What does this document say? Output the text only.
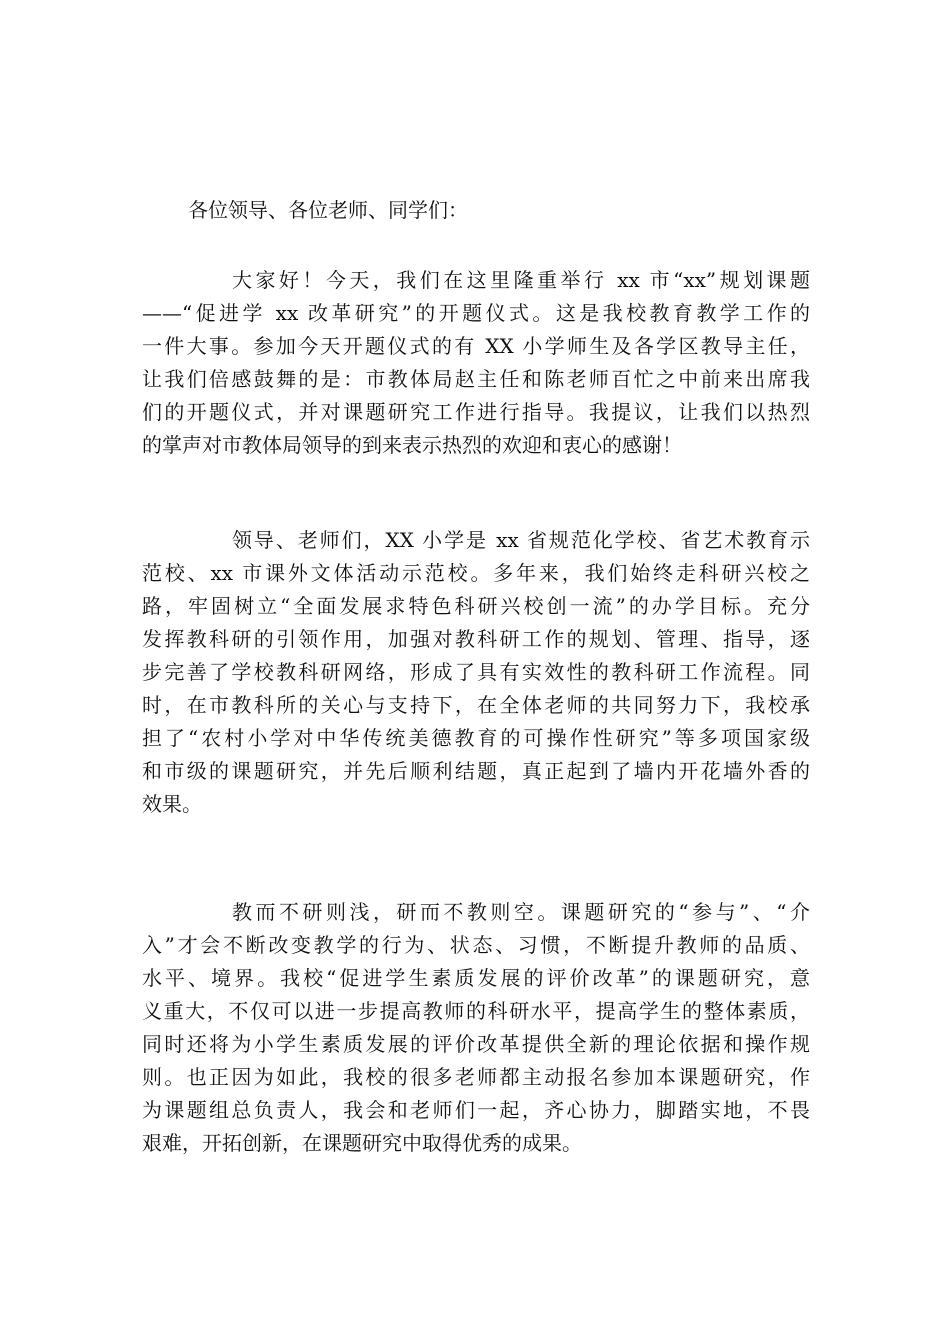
各位领导、各位老师、同学们：

大家好！今天，我们在这里隆重举行 xx 市“xx”规划课题
——“促进学 xx 改革研究”的开题仪式。这是我校教育教学工作的
一件大事。参加今天开题仪式的有 XX 小学师生及各学区教导主任，
让我们倍感鼓舞的是：市教体局赵主任和陈老师百忙之中前来出席我
们的开题仪式，并对课题研究工作进行指导。我提议，让我们以热烈
的掌声对市教体局领导的到来表示热烈的欢迎和衷心的感谢！
领导、老师们，XX 小学是 xx 省规范化学校、省艺术教育示
范校、xx 市课外文体活动示范校。多年来，我们始终走科研兴校之
路，牢固树立“全面发展求特色科研兴校创一流”的办学目标。充分
发挥教科研的引领作用，加强对教科研工作的规划、管理、指导，逐
步完善了学校教科研网络，形成了具有实效性的教科研工作流程。同
时，在市教科所的关心与支持下，在全体老师的共同努力下，我校承
担了“农村小学对中华传统美德教育的可操作性研究”等多项国家级
和市级的课题研究，并先后顺利结题，真正起到了墙内开花墙外香的
效果。
教而不研则浅，研而不教则空。课题研究的“参与”、“介
入”才会不断改变教学的行为、状态、习惯，不断提升教师的品质、
水平、境界。我校“促进学生素质发展的评价改革”的课题研究，意
义重大，不仅可以进一步提高教师的科研水平，提高学生的整体素质，
同时还将为小学生素质发展的评价改革提供全新的理论依据和操作规
则。也正因为如此，我校的很多老师都主动报名参加本课题研究，作
为课题组总负责人，我会和老师们一起，齐心协力，脚踏实地，不畏
艰难，开拓创新，在课题研究中取得优秀的成果。
